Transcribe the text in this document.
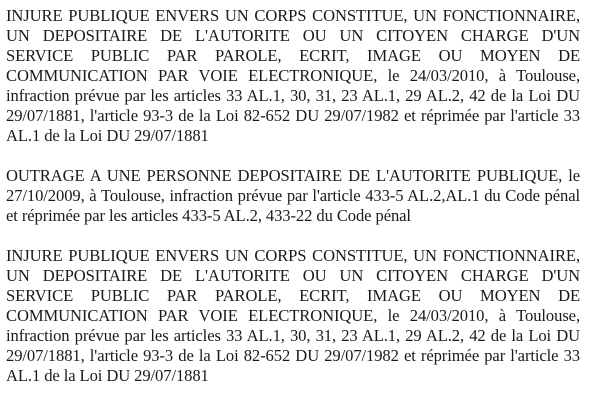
INJURE PUBLIQUE ENVERS UN CORPS CONSTITUE, UN FONCTIONNAIRE, UN DEPOSITAIRE DE L'AUTORITE OU UN CITOYEN CHARGE D'UN SERVICE PUBLIC PAR PAROLE, ECRIT, IMAGE OU MOYEN DE COMMUNICATION PAR VOIE ELECTRONIQUE, le 24/03/2010, à Toulouse, infraction prévue par les articles 33 AL.1, 30, 31, 23 AL.1, 29 AL.2, 42 de la Loi DU 29/07/1881, l'article 93-3 de la Loi 82-652 DU 29/07/1982 et réprimée par l'article 33 AL.1 de la Loi DU 29/07/1881

OUTRAGE A UNE PERSONNE DEPOSITAIRE DE L'AUTORITE PUBLIQUE, le 27/10/2009, à Toulouse, infraction prévue par l'article 433-5 AL.2,AL.1 du Code pénal et réprimée par les articles 433-5 AL.2, 433-22 du Code pénal

INJURE PUBLIQUE ENVERS UN CORPS CONSTITUE, UN FONCTIONNAIRE, UN DEPOSITAIRE DE L'AUTORITE OU UN CITOYEN CHARGE D'UN SERVICE PUBLIC PAR PAROLE, ECRIT, IMAGE OU MOYEN DE COMMUNICATION PAR VOIE ELECTRONIQUE, le 24/03/2010, à Toulouse, infraction prévue par les articles 33 AL.1, 30, 31, 23 AL.1, 29 AL.2, 42 de la Loi DU 29/07/1881, l'article 93-3 de la Loi 82-652 DU 29/07/1982 et réprimée par l'article 33 AL.1 de la Loi DU 29/07/1881
